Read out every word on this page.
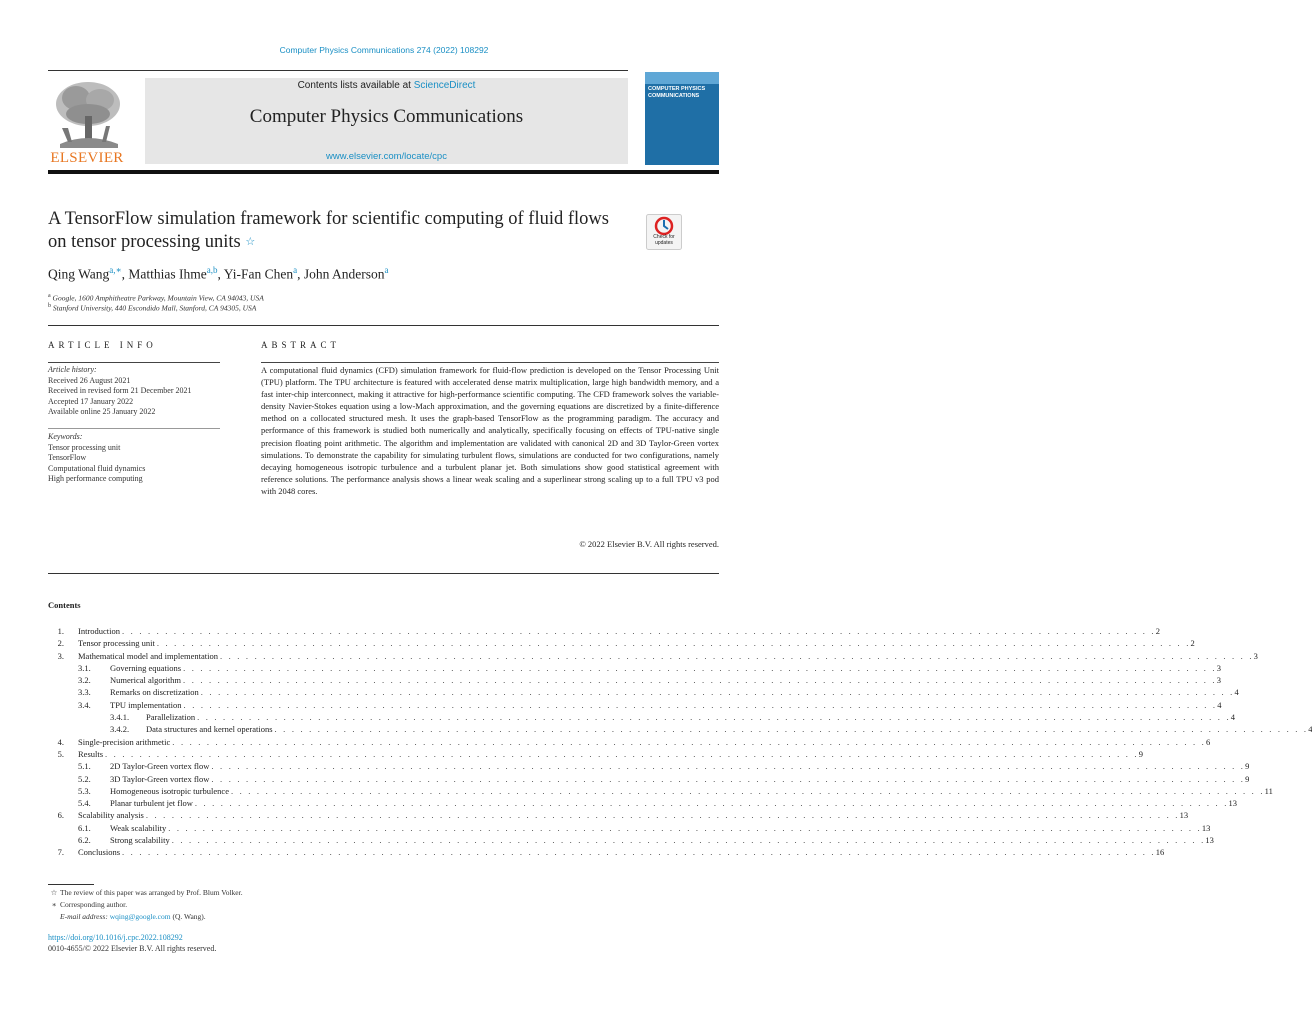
Computer Physics Communications 274 (2022) 108292
ELSEVIER
Contents lists available at ScienceDirect
Computer Physics Communications
www.elsevier.com/locate/cpc
COMPUTER PHYSICS COMMUNICATIONS
A TensorFlow simulation framework for scientific computing of fluid flows on tensor processing units ☆	Check for updates
Qing Wang$^{a,∗}$, Matthias Ihme$^{a,b}$, Yi-Fan Chen$^a$, John Anderson$^a$
$^a$ Google, 1600 Amphitheatre Parkway, Mountain View, CA 94043, USA
$^b$ Stanford University, 440 Escondido Mall, Stanford, CA 94305, USA
ARTICLE INFO	ABSTRACT
Article history:
Received 26 August 2021
Received in revised form 21 December 2021
Accepted 17 January 2022
Available online 25 January 2022
Keywords:
Tensor processing unit
TensorFlow
Computational fluid dynamics
High performance computing
A computational fluid dynamics (CFD) simulation framework for fluid-flow prediction is developed on the Tensor Processing Unit (TPU) platform. The TPU architecture is featured with accelerated dense matrix multiplication, large high bandwidth memory, and a fast inter-chip interconnect, making it attractive for high-performance scientific computing. The CFD framework solves the variable-density Navier-Stokes equation using a low-Mach approximation, and the governing equations are discretized by a finite-difference method on a collocated structured mesh. It uses the graph-based TensorFlow as the programming paradigm. The accuracy and performance of this framework is studied both numerically and analytically, specifically focusing on effects of TPU-native single precision floating point arithmetic. The algorithm and implementation are validated with canonical 2D and 3D Taylor-Green vortex simulations. To demonstrate the capability for simulating turbulent flows, simulations are conducted for two configurations, namely decaying homogeneous isotropic turbulence and a turbulent planar jet. Both simulations show good statistical agreement with reference solutions. The performance analysis shows a linear weak scaling and a superlinear strong scaling up to a full TPU v3 pod with 2048 cores.
© 2022 Elsevier B.V. All rights reserved.
Contents
1. Introduction . . . . . . . . . . . . . . . . . . . . . . . . . . . . . . . . . . . . . . . . . . . . . . . . . . . . . . . . . . . . . . . . . . . . . . . . . . . . . . . . . . . . . . . . . . . . . . . . . . . . . . . . . . . . . . . . . . . . . . . . 2
2. Tensor processing unit . . . . . . . . . . . . . . . . . . . . . . . . . . . . . . . . . . . . . . . . . . . . . . . . . . . . . . . . . . . . . . . . . . . . . . . . . . . . . . . . . . . . . . . . . . . . . . . . . . . . . . . . . . . . . . . . . . . . . . . . 2
3. Mathematical model and implementation . . . . . . . . . . . . . . . . . . . . . . . . . . . . . . . . . . . . . . . . . . . . . . . . . . . . . . . . . . . . . . . . . . . . . . . . . . . . . . . . . . . . . . . . . . . . . . . . . . . . . . . . . . . . . . . . . . . . . . . . 3
3.1.	Governing equations . . . . . . . . . . . . . . . . . . . . . . . . . . . . . . . . . . . . . . . . . . . . . . . . . . . . . . . . . . . . . . . . . . . . . . . . . . . . . . . . . . . . . . . . . . . . . . . . . . . . . . . . . . . . . . . . . . . . . . . . 3
3.2.	Numerical algorithm . . . . . . . . . . . . . . . . . . . . . . . . . . . . . . . . . . . . . . . . . . . . . . . . . . . . . . . . . . . . . . . . . . . . . . . . . . . . . . . . . . . . . . . . . . . . . . . . . . . . . . . . . . . . . . . . . . . . . . . . 3
3.3.	Remarks on discretization . . . . . . . . . . . . . . . . . . . . . . . . . . . . . . . . . . . . . . . . . . . . . . . . . . . . . . . . . . . . . . . . . . . . . . . . . . . . . . . . . . . . . . . . . . . . . . . . . . . . . . . . . . . . . . . . . . . . . . . . 4
3.4.	TPU implementation . . . . . . . . . . . . . . . . . . . . . . . . . . . . . . . . . . . . . . . . . . . . . . . . . . . . . . . . . . . . . . . . . . . . . . . . . . . . . . . . . . . . . . . . . . . . . . . . . . . . . . . . . . . . . . . . . . . . . . . . 4
3.4.1.	Parallelization . . . . . . . . . . . . . . . . . . . . . . . . . . . . . . . . . . . . . . . . . . . . . . . . . . . . . . . . . . . . . . . . . . . . . . . . . . . . . . . . . . . . . . . . . . . . . . . . . . . . . . . . . . . . . . . . . . . . . . . . 4
3.4.2.	Data structures and kernel operations . . . . . . . . . . . . . . . . . . . . . . . . . . . . . . . . . . . . . . . . . . . . . . . . . . . . . . . . . . . . . . . . . . . . . . . . . . . . . . . . . . . . . . . . . . . . . . . . . . . . . . . . . . . . . . . . . . . . . . . . 4
4. Single-precision arithmetic . . . . . . . . . . . . . . . . . . . . . . . . . . . . . . . . . . . . . . . . . . . . . . . . . . . . . . . . . . . . . . . . . . . . . . . . . . . . . . . . . . . . . . . . . . . . . . . . . . . . . . . . . . . . . . . . . . . . . . . . 6
5. Results . . . . . . . . . . . . . . . . . . . . . . . . . . . . . . . . . . . . . . . . . . . . . . . . . . . . . . . . . . . . . . . . . . . . . . . . . . . . . . . . . . . . . . . . . . . . . . . . . . . . . . . . . . . . . . . . . . . . . . . . 9
5.1.	2D Taylor-Green vortex flow . . . . . . . . . . . . . . . . . . . . . . . . . . . . . . . . . . . . . . . . . . . . . . . . . . . . . . . . . . . . . . . . . . . . . . . . . . . . . . . . . . . . . . . . . . . . . . . . . . . . . . . . . . . . . . . . . . . . . . . . 9
5.2.	3D Taylor-Green vortex flow . . . . . . . . . . . . . . . . . . . . . . . . . . . . . . . . . . . . . . . . . . . . . . . . . . . . . . . . . . . . . . . . . . . . . . . . . . . . . . . . . . . . . . . . . . . . . . . . . . . . . . . . . . . . . . . . . . . . . . . . 9
5.3.	Homogeneous isotropic turbulence . . . . . . . . . . . . . . . . . . . . . . . . . . . . . . . . . . . . . . . . . . . . . . . . . . . . . . . . . . . . . . . . . . . . . . . . . . . . . . . . . . . . . . . . . . . . . . . . . . . . . . . . . . . . . . . . . . . . . . . . 11
5.4.	Planar turbulent jet flow . . . . . . . . . . . . . . . . . . . . . . . . . . . . . . . . . . . . . . . . . . . . . . . . . . . . . . . . . . . . . . . . . . . . . . . . . . . . . . . . . . . . . . . . . . . . . . . . . . . . . . . . . . . . . . . . . . . . . . . . 13
6. Scalability analysis . . . . . . . . . . . . . . . . . . . . . . . . . . . . . . . . . . . . . . . . . . . . . . . . . . . . . . . . . . . . . . . . . . . . . . . . . . . . . . . . . . . . . . . . . . . . . . . . . . . . . . . . . . . . . . . . . . . . . . . . 13
6.1.	Weak scalability . . . . . . . . . . . . . . . . . . . . . . . . . . . . . . . . . . . . . . . . . . . . . . . . . . . . . . . . . . . . . . . . . . . . . . . . . . . . . . . . . . . . . . . . . . . . . . . . . . . . . . . . . . . . . . . . . . . . . . . . 13
6.2.	Strong scalability . . . . . . . . . . . . . . . . . . . . . . . . . . . . . . . . . . . . . . . . . . . . . . . . . . . . . . . . . . . . . . . . . . . . . . . . . . . . . . . . . . . . . . . . . . . . . . . . . . . . . . . . . . . . . . . . . . . . . . . . 13
7. Conclusions . . . . . . . . . . . . . . . . . . . . . . . . . . . . . . . . . . . . . . . . . . . . . . . . . . . . . . . . . . . . . . . . . . . . . . . . . . . . . . . . . . . . . . . . . . . . . . . . . . . . . . . . . . . . . . . . . . . . . . . . 16
☆ The review of this paper was arranged by Prof. Blum Volker.
∗ Corresponding author.
E-mail address: wqing@google.com (Q. Wang).
https://doi.org/10.1016/j.cpc.2022.108292
0010-4655/© 2022 Elsevier B.V. All rights reserved.
